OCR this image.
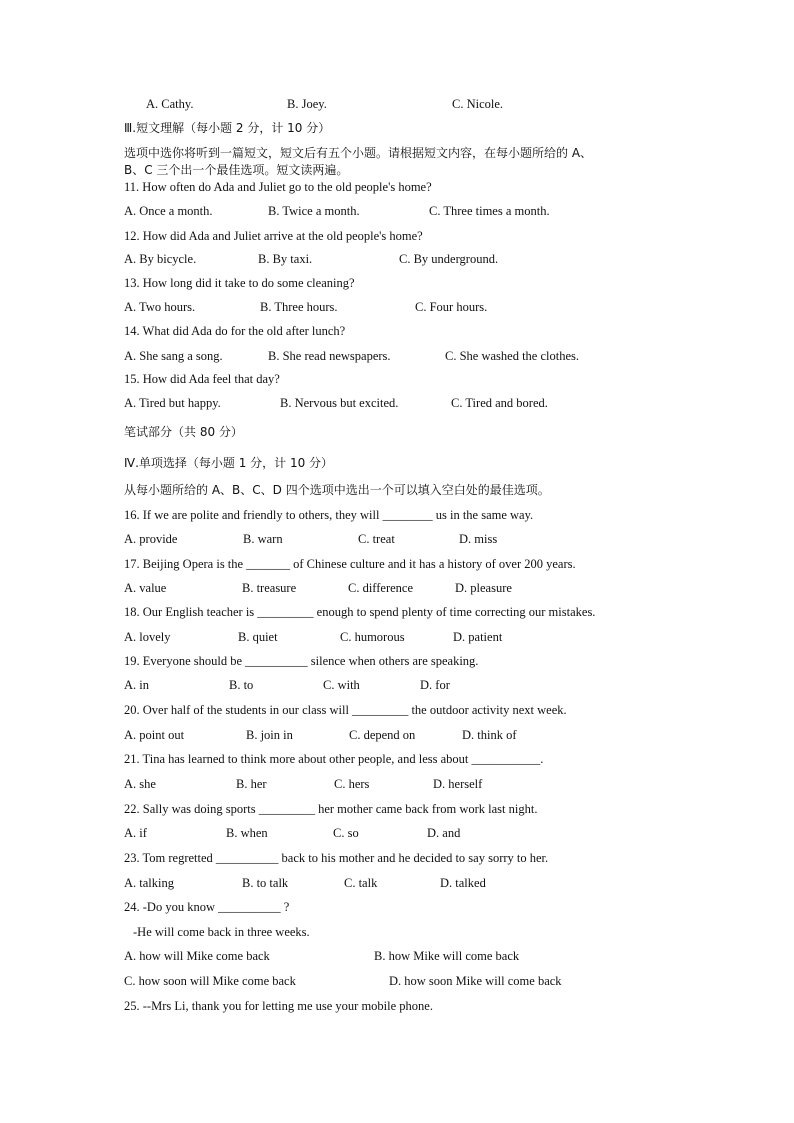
A. Cathy.	B. Joey.	C. Nicole.
Ⅲ.短文理解（每小题 2 分，计 10 分）
选项中选你将听到一篇短文，短文后有五个小题。请根据短文内容，在每小题所给的 A、
B、C 三个出一个最佳选项。短文读两遍。
11. How often do Ada and Juliet go to the old people's home?
A. Once a month.	B. Twice a month.	C. Three times a month.
12. How did Ada and Juliet arrive at the old people's home?
A. By bicycle.	B. By taxi.	C. By underground.
13. How long did it take to do some cleaning?
A. Two hours.	B. Three hours.	C. Four hours.
14. What did Ada do for the old after lunch?
A. She sang a song.	B. She read newspapers.	C. She washed the clothes.
15. How did Ada feel that day?
A. Tired but happy.	B. Nervous but excited.	C. Tired and bored.
笔试部分（共 80 分）
Ⅳ.单项选择（每小题 1 分，计 10 分）
从每小题所给的 A、B、C、D 四个选项中选出一个可以填入空白处的最佳选项。
16. If we are polite and friendly to others, they will ________ us in the same way.
A. provide	B. warn	C. treat	D. miss
17. Beijing Opera is the _______ of Chinese culture and it has a history of over 200 years.
A. value	B. treasure	C. difference	D. pleasure
18. Our English teacher is _________ enough to spend plenty of time correcting our mistakes.
A. lovely	B. quiet	C. humorous	D. patient
19. Everyone should be __________ silence when others are speaking.
A. in	B. to	C. with	D. for
20. Over half of the students in our class will _________ the outdoor activity next week.
A. point out	B. join in	C. depend on	D. think of
21. Tina has learned to think more about other people, and less about ___________.
A. she	B. her	C. hers	D. herself
22. Sally was doing sports _________ her mother came back from work last night.
A. if	B. when	C. so	D. and
23. Tom regretted __________ back to his mother and he decided to say sorry to her.
A. talking	B. to talk	C. talk	D. talked
24. -Do you know __________ ?
-He will come back in three weeks.
A. how will Mike come back	B. how Mike will come back
C. how soon will Mike come back	D. how soon Mike will come back
25. --Mrs Li, thank you for letting me use your mobile phone.
